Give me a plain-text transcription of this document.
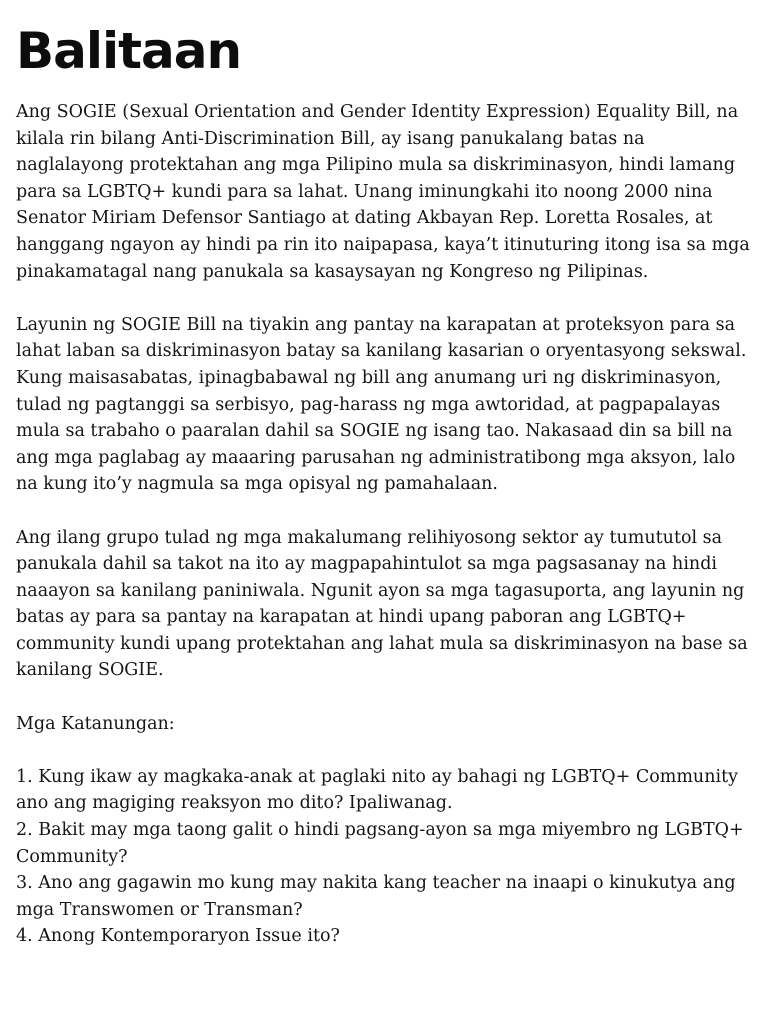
Balitaan

Ang SOGIE (Sexual Orientation and Gender Identity Expression) Equality Bill, na kilala rin bilang Anti-Discrimination Bill, ay isang panukalang batas na naglalayong protektahan ang mga Pilipino mula sa diskriminasyon, hindi lamang para sa LGBTQ+ kundi para sa lahat. Unang iminungkahi ito noong 2000 nina Senator Miriam Defensor Santiago at dating Akbayan Rep. Loretta Rosales, at hanggang ngayon ay hindi pa rin ito naipapasa, kaya’t itinuturing itong isa sa mga pinakamatagal nang panukala sa kasaysayan ng Kongreso ng Pilipinas.

Layunin ng SOGIE Bill na tiyakin ang pantay na karapatan at proteksyon para sa lahat laban sa diskriminasyon batay sa kanilang kasarian o oryentasyong sekswal. Kung maisasabatas, ipinagbabawal ng bill ang anumang uri ng diskriminasyon, tulad ng pagtanggi sa serbisyo, pag-harass ng mga awtoridad, at pagpapalayas mula sa trabaho o paaralan dahil sa SOGIE ng isang tao. Nakasaad din sa bill na ang mga paglabag ay maaaring parusahan ng administratibong mga aksyon, lalo na kung ito’y nagmula sa mga opisyal ng pamahalaan.

Ang ilang grupo tulad ng mga makalumang relihiyosong sektor ay tumututol sa panukala dahil sa takot na ito ay magpapahintulot sa mga pagsasanay na hindi naaayon sa kanilang paniniwala. Ngunit ayon sa mga tagasuporta, ang layunin ng batas ay para sa pantay na karapatan at hindi upang paboran ang LGBTQ+ community kundi upang protektahan ang lahat mula sa diskriminasyon na base sa kanilang SOGIE.

Mga Katanungan:

1. Kung ikaw ay magkaka-anak at paglaki nito ay bahagi ng LGBTQ+ Community ano ang magiging reaksyon mo dito? Ipaliwanag.

2. Bakit may mga taong galit o hindi pagsang-ayon sa mga miyembro ng LGBTQ+ Community?

3. Ano ang gagawin mo kung may nakita kang teacher na inaapi o kinukutya ang mga Transwomen or Transman?

4. Anong Kontemporaryon Issue ito?
